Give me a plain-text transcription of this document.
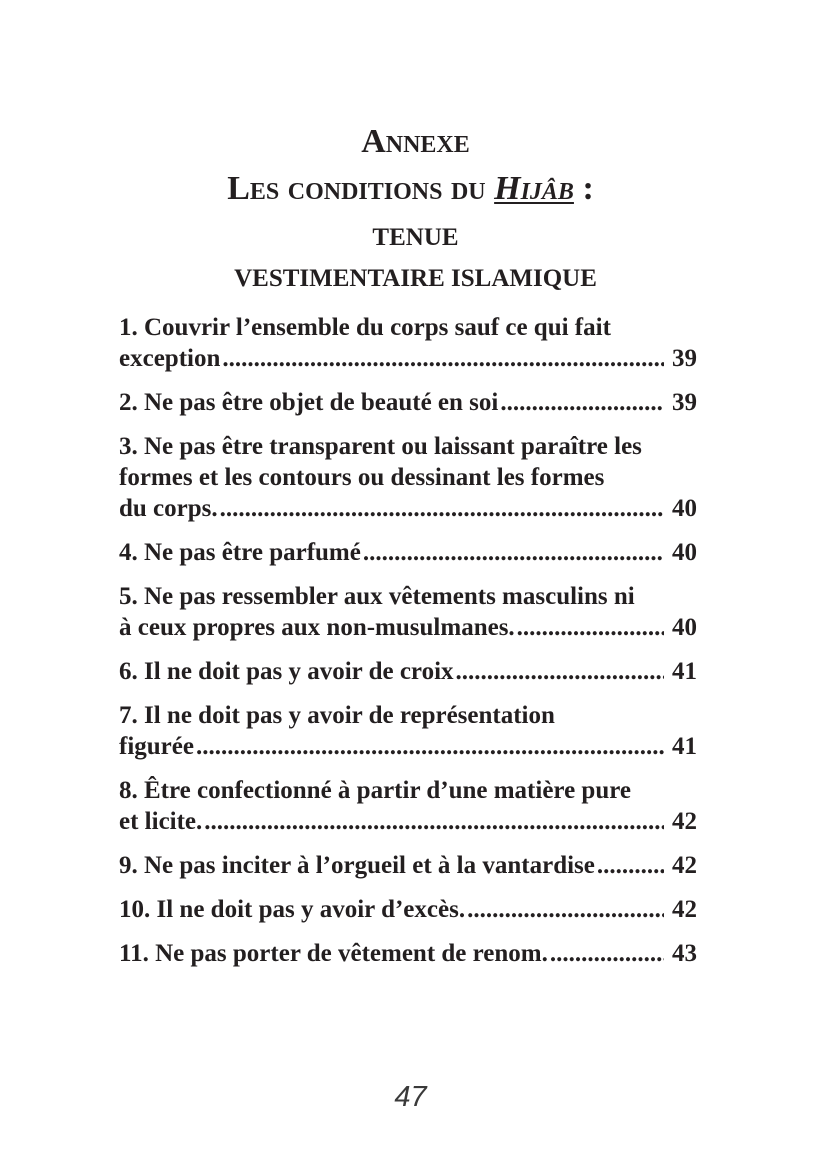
Annexe
Les conditions du Hijâb :
TENUE
VESTIMENTAIRE ISLAMIQUE
1. Couvrir l’ensemble du corps sauf ce qui fait
exception .....	39
2. Ne pas être objet de beauté en soi .....	39
3. Ne pas être transparent ou laissant paraître les
formes et les contours ou dessinant les formes
du corps. .....	40
4. Ne pas être parfumé .....	40
5. Ne pas ressembler aux vêtements masculins ni
à ceux propres aux non-musulmanes. .....	40
6. Il ne doit pas y avoir de croix .....	41
7. Il ne doit pas y avoir de représentation
figurée .....	41
8. Être confectionné à partir d’une matière pure
et licite. .....	42
9. Ne pas inciter à l’orgueil et à la vantardise .....	42
10. Il ne doit pas y avoir d’excès. .....	42
11. Ne pas porter de vêtement de renom. .....	43
47
